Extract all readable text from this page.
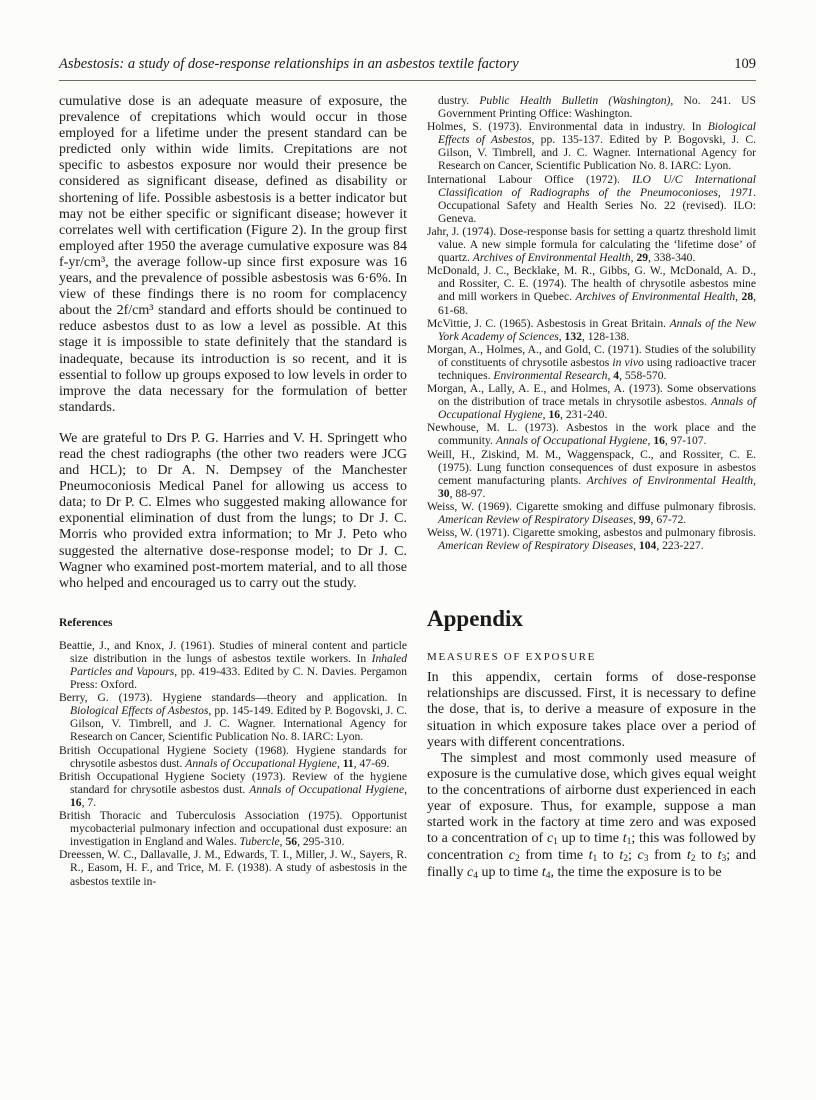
Asbestosis: a study of dose-response relationships in an asbestos textile factory	109

cumulative dose is an adequate measure of exposure, the prevalence of crepitations which would occur in those employed for a lifetime under the present standard can be predicted only within wide limits. Crepitations are not specific to asbestos exposure nor would their presence be considered as significant disease, defined as disability or shortening of life. Possible asbestosis is a better indicator but may not be either specific or significant disease; however it correlates well with certification (Figure 2). In the group first employed after 1950 the average cumulative exposure was 84 f-yr/cm³, the average follow-up since first exposure was 16 years, and the prevalence of possible asbestosis was 6·6%. In view of these findings there is no room for complacency about the 2f/cm³ standard and efforts should be continued to reduce asbestos dust to as low a level as possible. At this stage it is impossible to state definitely that the standard is inadequate, because its introduction is so recent, and it is essential to follow up groups exposed to low levels in order to improve the data necessary for the formulation of better standards.

We are grateful to Drs P. G. Harries and V. H. Springett who read the chest radiographs (the other two readers were JCG and HCL); to Dr A. N. Dempsey of the Manchester Pneumoconiosis Medical Panel for allowing us access to data; to Dr P. C. Elmes who suggested making allowance for exponential elimination of dust from the lungs; to Dr J. C. Morris who provided extra information; to Mr J. Peto who suggested the alternative dose-response model; to Dr J. C. Wagner who examined post-mortem material, and to all those who helped and encouraged us to carry out the study.

References

Beattie, J., and Knox, J. (1961). Studies of mineral content and particle size distribution in the lungs of asbestos textile workers. In Inhaled Particles and Vapours, pp. 419-433. Edited by C. N. Davies. Pergamon Press: Oxford.

Berry, G. (1973). Hygiene standards—theory and application. In Biological Effects of Asbestos, pp. 145-149. Edited by P. Bogovski, J. C. Gilson, V. Timbrell, and J. C. Wagner. International Agency for Research on Cancer, Scientific Publication No. 8. IARC: Lyon.

British Occupational Hygiene Society (1968). Hygiene standards for chrysotile asbestos dust. Annals of Occupational Hygiene, 11, 47-69.

British Occupational Hygiene Society (1973). Review of the hygiene standard for chrysotile asbestos dust. Annals of Occupational Hygiene, 16, 7.

British Thoracic and Tuberculosis Association (1975). Opportunist mycobacterial pulmonary infection and occupational dust exposure: an investigation in England and Wales. Tubercle, 56, 295-310.

Dreessen, W. C., Dallavalle, J. M., Edwards, T. I., Miller, J. W., Sayers, R. R., Easom, H. F., and Trice, M. F. (1938). A study of asbestosis in the asbestos textile in-

dustry. Public Health Bulletin (Washington), No. 241. US Government Printing Office: Washington.

Holmes, S. (1973). Environmental data in industry. In Biological Effects of Asbestos, pp. 135-137. Edited by P. Bogovski, J. C. Gilson, V. Timbrell, and J. C. Wagner. International Agency for Research on Cancer, Scientific Publication No. 8. IARC: Lyon.

International Labour Office (1972). ILO U/C International Classification of Radiographs of the Pneumoconioses, 1971. Occupational Safety and Health Series No. 22 (revised). ILO: Geneva.

Jahr, J. (1974). Dose-response basis for setting a quartz threshold limit value. A new simple formula for calculating the ‘lifetime dose’ of quartz. Archives of Environmental Health, 29, 338-340.

McDonald, J. C., Becklake, M. R., Gibbs, G. W., McDonald, A. D., and Rossiter, C. E. (1974). The health of chrysotile asbestos mine and mill workers in Quebec. Archives of Environmental Health, 28, 61-68.

McVittie, J. C. (1965). Asbestosis in Great Britain. Annals of the New York Academy of Sciences, 132, 128-138.

Morgan, A., Holmes, A., and Gold, C. (1971). Studies of the solubility of constituents of chrysotile asbestos in vivo using radioactive tracer techniques. Environmental Research, 4, 558-570.

Morgan, A., Lally, A. E., and Holmes, A. (1973). Some observations on the distribution of trace metals in chrysotile asbestos. Annals of Occupational Hygiene, 16, 231-240.

Newhouse, M. L. (1973). Asbestos in the work place and the community. Annals of Occupational Hygiene, 16, 97-107.

Weill, H., Ziskind, M. M., Waggenspack, C., and Rossiter, C. E. (1975). Lung function consequences of dust exposure in asbestos cement manufacturing plants. Archives of Environmental Health, 30, 88-97.

Weiss, W. (1969). Cigarette smoking and diffuse pulmonary fibrosis. American Review of Respiratory Diseases, 99, 67-72.

Weiss, W. (1971). Cigarette smoking, asbestos and pulmonary fibrosis. American Review of Respiratory Diseases, 104, 223-227.

Appendix
MEASURES OF EXPOSURE

In this appendix, certain forms of dose-response relationships are discussed. First, it is necessary to define the dose, that is, to derive a measure of exposure in the situation in which exposure takes place over a period of years with different concentrations.

The simplest and most commonly used measure of exposure is the cumulative dose, which gives equal weight to the concentrations of airborne dust experienced in each year of exposure. Thus, for example, suppose a man started work in the factory at time zero and was exposed to a concentration of $c_1$ up to time $t_1$; this was followed by concentration $c_2$ from time $t_1$ to $t_2$; $c_3$ from $t_2$ to $t_3$; and finally $c_4$ up to time $t_4$, the time the exposure is to be
